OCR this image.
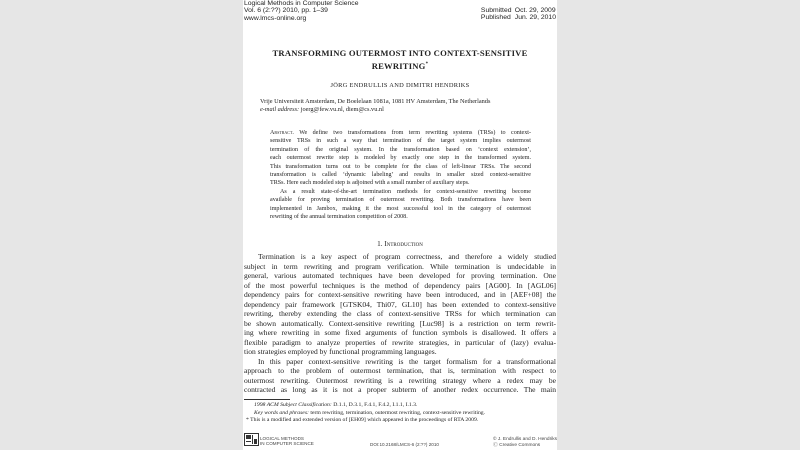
Logical Methods in Computer Science
Vol. 6 (2:??) 2010, pp. 1–39
www.lmcs-online.org
Submitted Oct. 29, 2009
Published Jun. 29, 2010
TRANSFORMING OUTERMOST INTO CONTEXT-SENSITIVE
REWRITING*
JÖRG ENDRULLIS AND DIMITRI HENDRIKS
Vrije Universiteit Amsterdam, De Boelelaan 1081a, 1081 HV Amsterdam, The Netherlands
e-mail address: joerg@few.vu.nl, diem@cs.vu.nl
Abstract. We define two transformations from term rewriting systems (TRSs) to context-
sensitive TRSs in such a way that termination of the target system implies outermost
termination of the original system. In the transformation based on ‘context extension’,
each outermost rewrite step is modeled by exactly one step in the transformed system.
This transformation turns out to be complete for the class of left-linear TRSs. The second
transformation is called ‘dynamic labeling’ and results in smaller sized context-sensitive
TRSs. Here each modeled step is adjoined with a small number of auxiliary steps.
As a result state-of-the-art termination methods for context-sensitive rewriting become
available for proving termination of outermost rewriting. Both transformations have been
implemented in Jambox, making it the most successful tool in the category of outermost
rewriting of the annual termination competition of 2008.
1. Introduction
Termination is a key aspect of program correctness, and therefore a widely studied
subject in term rewriting and program verification. While termination is undecidable in
general, various automated techniques have been developed for proving termination. One
of the most powerful techniques is the method of dependency pairs [AG00]. In [AGL06]
dependency pairs for context-sensitive rewriting have been introduced, and in [AEF+08] the
dependency pair framework [GTSK04, Thi07, GL10] has been extended to context-sensitive
rewriting, thereby extending the class of context-sensitive TRSs for which termination can
be shown automatically. Context-sensitive rewriting [Luc98] is a restriction on term rewrit-
ing where rewriting in some fixed arguments of function symbols is disallowed. It offers a
flexible paradigm to analyze properties of rewrite strategies, in particular of (lazy) evalua-
tion strategies employed by functional programming languages.
In this paper context-sensitive rewriting is the target formalism for a transformational
approach to the problem of outermost termination, that is, termination with respect to
outermost rewriting. Outermost rewriting is a rewriting strategy where a redex may be
contracted as long as it is not a proper subterm of another redex occurrence. The main
1998 ACM Subject Classification: D.1.1, D.3.1, F.4.1, F.4.2, I.1.1, I.1.3.
Key words and phrases: term rewriting, termination, outermost rewriting, context-sensitive rewriting.
* This is a modified and extended version of [EH09] which appeared in the proceedings of RTA 2009.
LOGICAL METHODS
IN COMPUTER SCIENCE	DOI:10.2168/LMCS-6 (2:??) 2010
© J. Endrullis and D. Hendriks
Ⓒ Creative Commons
